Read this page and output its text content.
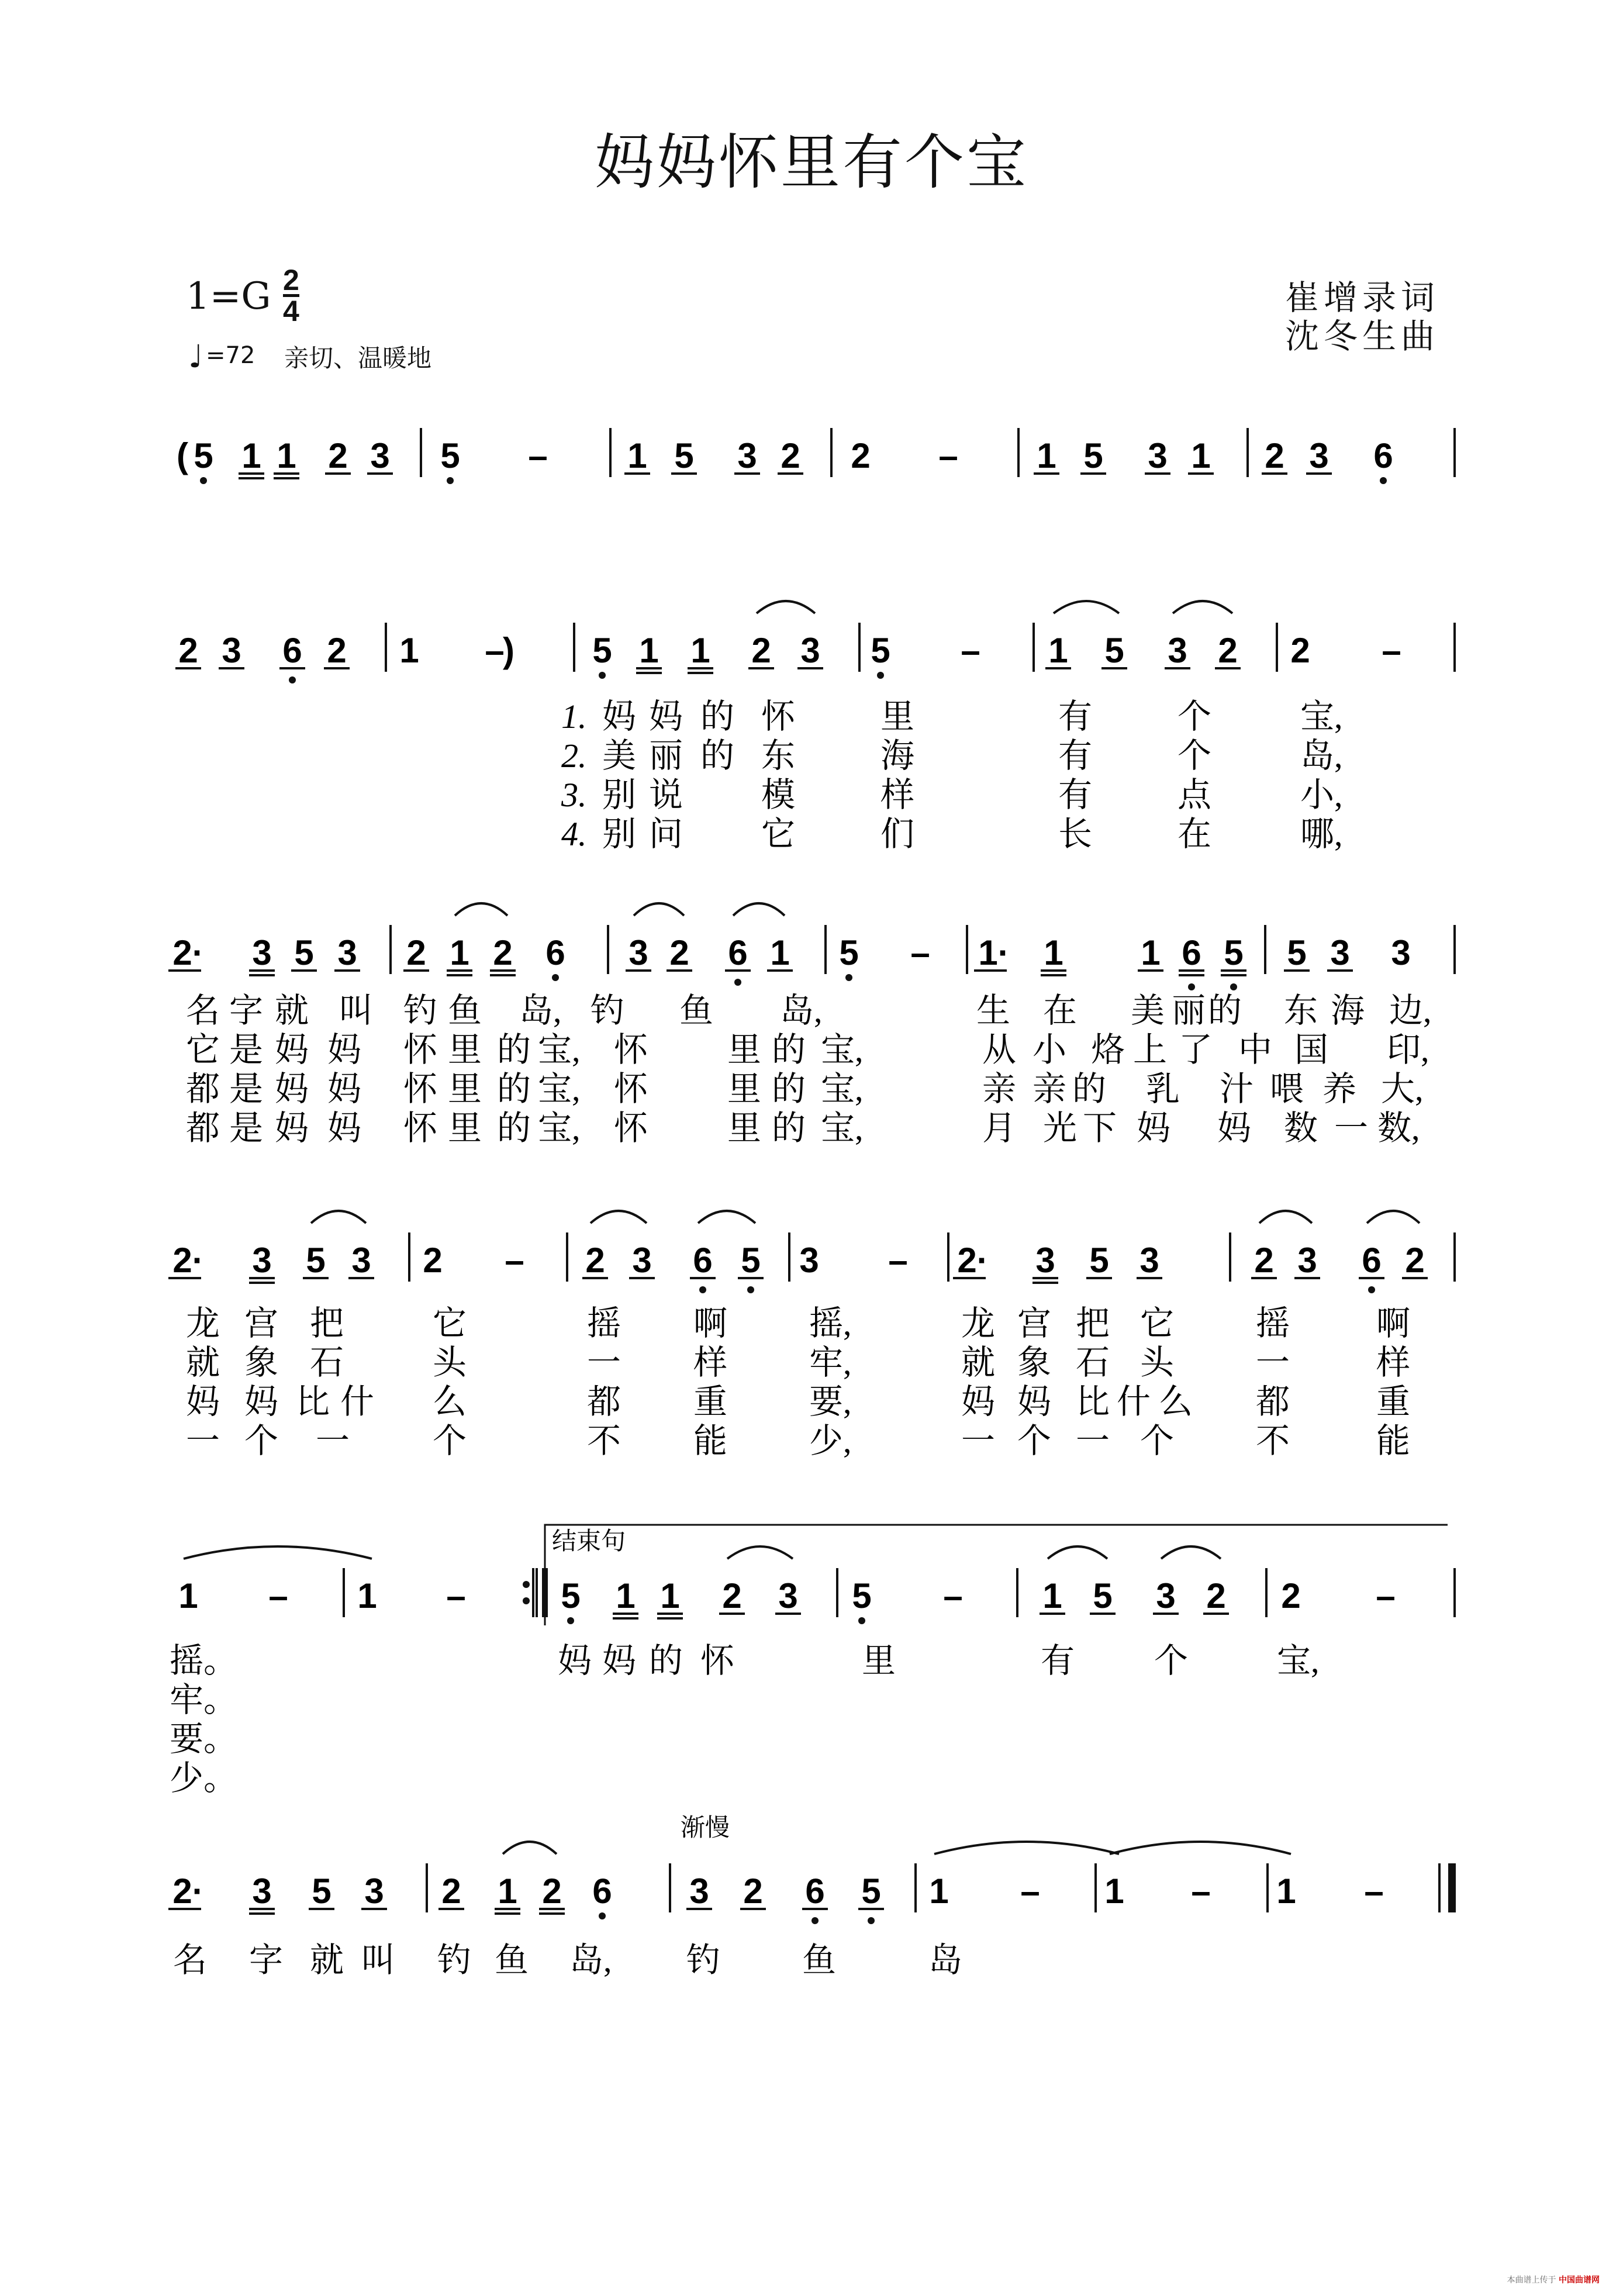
妈妈怀里有个宝
1=G 2
4
♩ =72 亲切、温暖地
崔增录词
沈冬生曲
5 1 1 2 3 5 – 1 5 3 2 2 – 1 5 3 1 2 3 6
2 3 6 2 1 –	5 1 1 2 3 5 – 1 5 3 2 2 –
1. 妈 妈 的 怀	里	有	个	宝,
2. 美 丽 的 东	海	有	个	岛,
3. 别 说 模	样	有	点	小,
4. 别 问 它	们	长	在	哪,
2· 3 5 3 2 1 2 6 3 2 6 1 5 – 1· 1 1 6 5 5 3 3
名 字 就 叫 钓 鱼 岛, 钓 鱼 岛,	生 在 美 丽 的 东 海 边,
它 是 妈 妈 怀 里 的 宝, 怀 里 的 宝,	从 小 烙 上 了 中 国 印,
都 是 妈 妈 怀 里 的 宝, 怀 里 的 宝,	亲 亲 的 乳 汁 喂 养 大,
都 是 妈 妈 怀 里 的 宝, 怀 里 的 宝,	月 光 下 妈 妈 数 一 数,
2· 3 5 3 2 – 2 3 6 5 3 – 2· 3 5 3	2 3 6 2
龙 宫 把	它	摇 啊 摇,	龙 宫 把 它 摇	啊
就 象 石	头	一 样 牢,	就 象 石 头 一	样
妈 妈 比 什 么	都 重 要,	妈 妈 比 什 么 都	重
一 个 一 个	不 能 少,	一 个 一 个 不	能
1 – 1 –	5 1 1 2 3 5 – 1 5 3 2 2 –
摇。	妈 妈 的 怀	里	有 个	宝,
牢。
要。
少。
2· 3 5 3 2 1 2 6 3 2 6 5 1 – 1 – 1 –
名 字 就 叫 钓 鱼 岛, 钓 鱼	岛
(
)
结束句
渐慢
本曲谱上传于 中国曲谱网
